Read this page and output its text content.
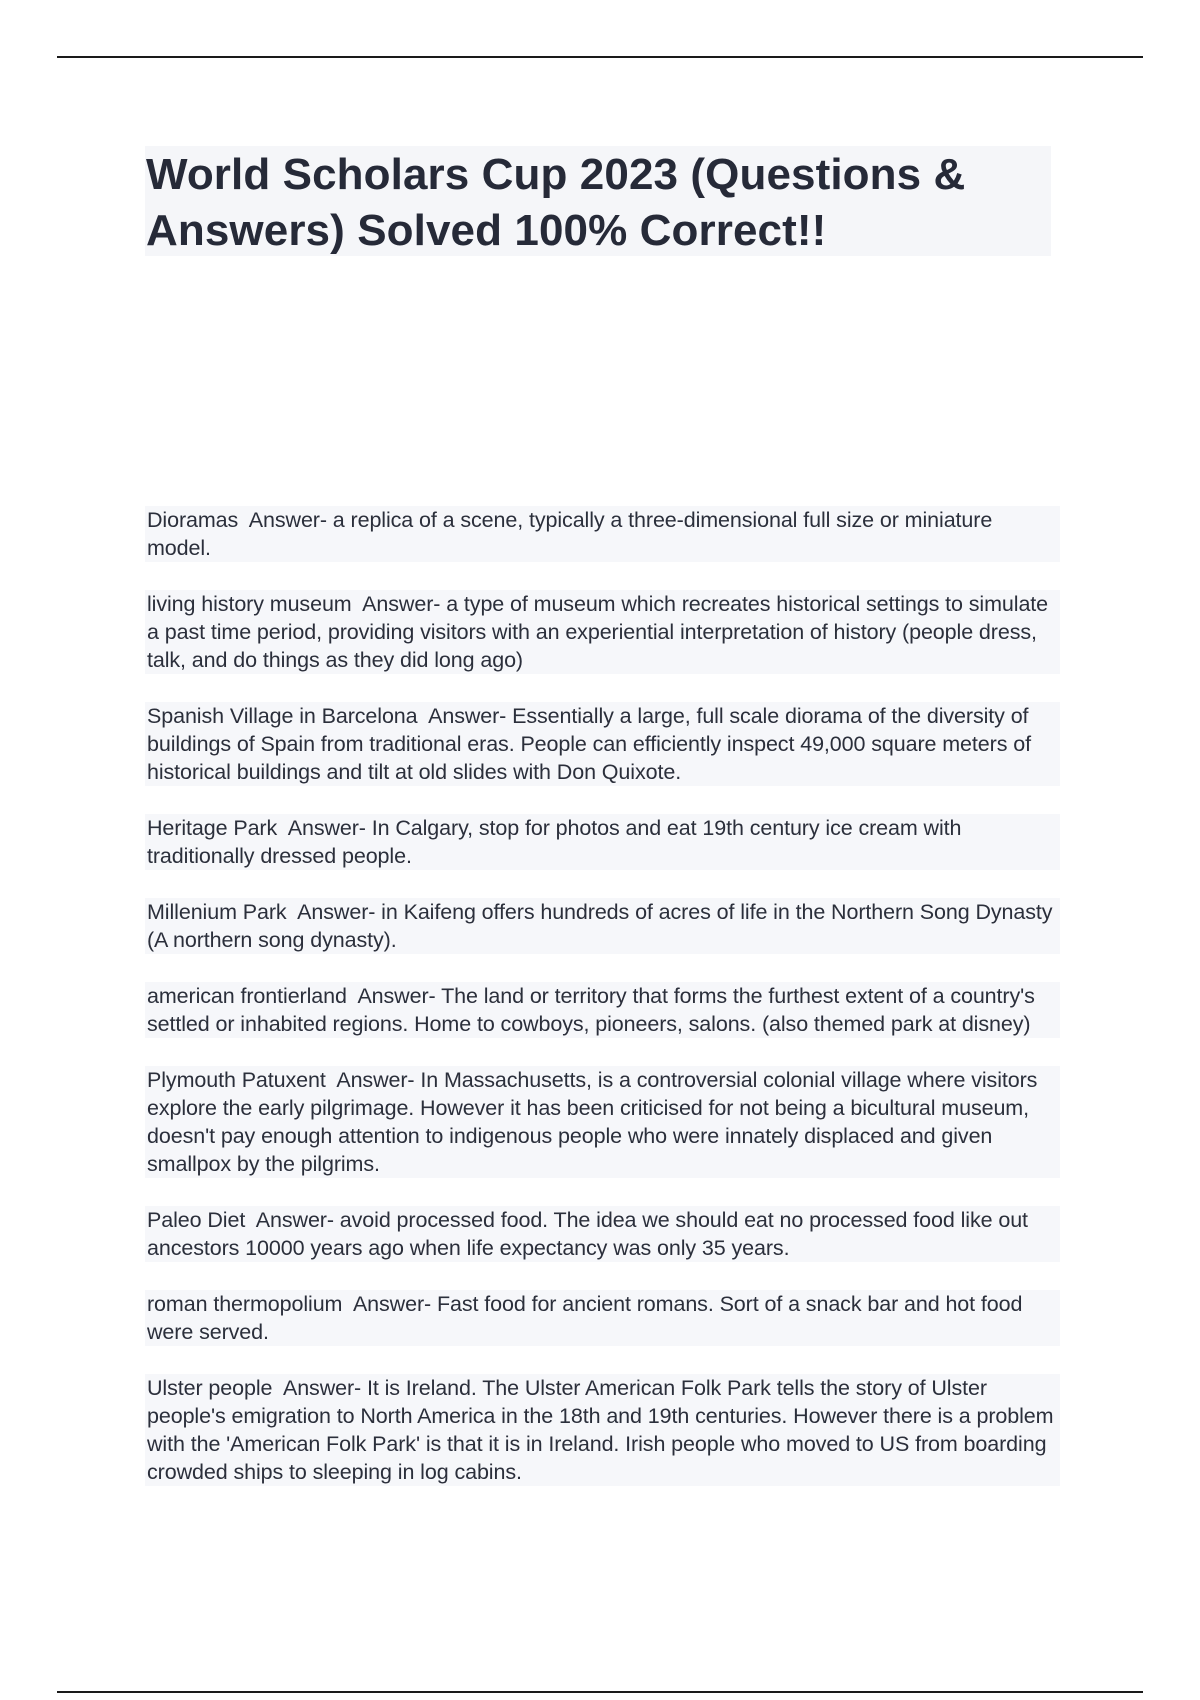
World Scholars Cup 2023 (Questions & Answers) Solved 100% Correct!!
Dioramas Answer- a replica of a scene, typically a three-dimensional full size or miniature model.
living history museum Answer- a type of museum which recreates historical settings to simulate a past time period, providing visitors with an experiential interpretation of history (people dress, talk, and do things as they did long ago)
Spanish Village in Barcelona Answer- Essentially a large, full scale diorama of the diversity of buildings of Spain from traditional eras. People can efficiently inspect 49,000 square meters of historical buildings and tilt at old slides with Don Quixote.
Heritage Park Answer- In Calgary, stop for photos and eat 19th century ice cream with traditionally dressed people.
Millenium Park Answer- in Kaifeng offers hundreds of acres of life in the Northern Song Dynasty (A northern song dynasty).
american frontierland Answer- The land or territory that forms the furthest extent of a country's settled or inhabited regions. Home to cowboys, pioneers, salons. (also themed park at disney)
Plymouth Patuxent Answer- In Massachusetts, is a controversial colonial village where visitors explore the early pilgrimage. However it has been criticised for not being a bicultural museum, doesn't pay enough attention to indigenous people who were innately displaced and given smallpox by the pilgrims.
Paleo Diet Answer- avoid processed food. The idea we should eat no processed food like out ancestors 10000 years ago when life expectancy was only 35 years.
roman thermopolium Answer- Fast food for ancient romans. Sort of a snack bar and hot food were served.
Ulster people Answer- It is Ireland. The Ulster American Folk Park tells the story of Ulster people's emigration to North America in the 18th and 19th centuries. However there is a problem with the 'American Folk Park' is that it is in Ireland. Irish people who moved to US from boarding crowded ships to sleeping in log cabins.
